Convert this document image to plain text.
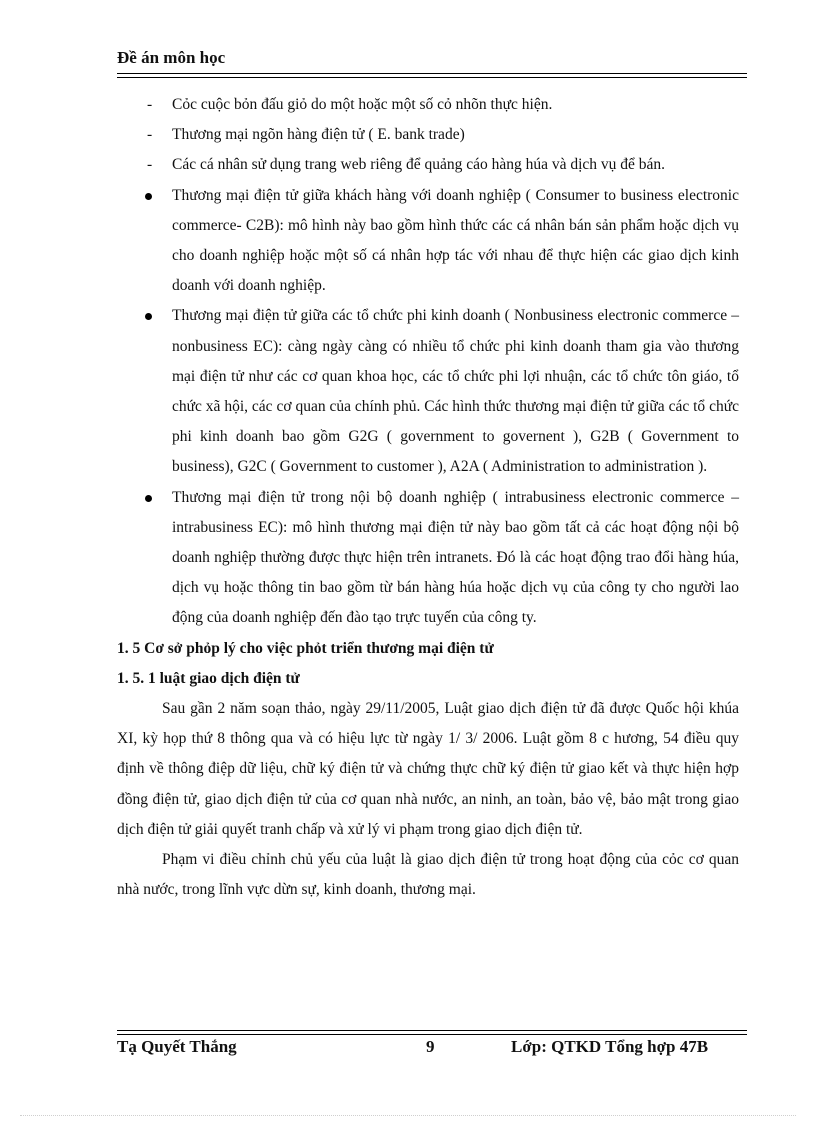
Đề án môn học
- Cỏc cuộc bỏn đấu giỏ do một hoặc một số cỏ nhõn thực hiện.
- Thương mại ngõn hàng điện tử ( E. bank trade)
- Các cá nhân sử dụng trang web riêng để quảng cáo hàng húa và dịch vụ để bán.
Thương mại điện tử giữa khách hàng với doanh nghiệp ( Consumer to business electronic commerce- C2B): mô hình này bao gồm hình thức các cá nhân bán sản phẩm hoặc dịch vụ cho doanh nghiệp hoặc một số cá nhân hợp tác với nhau để thực hiện các giao dịch kinh doanh với doanh nghiệp.
Thương mại điện tử giữa các tổ chức phi kinh doanh ( Nonbusiness electronic commerce – nonbusiness EC): càng ngày càng có nhiều tổ chức phi kinh doanh tham gia vào thương mại điện tử như các cơ quan khoa học, các tổ chức phi lợi nhuận, các tổ chức tôn giáo, tổ chức xã hội, các cơ quan của chính phủ. Các hình thức thương mại điện tử giữa các tổ chức phi kinh doanh bao gồm G2G ( government to governent ), G2B ( Government to business), G2C ( Government to customer ), A2A ( Administration to administration ).
Thương mại điện tử trong nội bộ doanh nghiệp ( intrabusiness electronic commerce – intrabusiness EC): mô hình thương mại điện tử này bao gồm tất cả các hoạt động nội bộ doanh nghiệp thường được thực hiện trên intranets. Đó là các hoạt động trao đổi hàng húa, dịch vụ hoặc thông tin bao gồm từ bán hàng húa hoặc dịch vụ của công ty cho người lao động của doanh nghiệp đến đào tạo trực tuyến của công ty.
1. 5 Cơ sở phỏp lý cho việc phỏt triển thương mại điện tử
1. 5. 1 luật giao dịch điện tử
Sau gần 2 năm soạn thảo, ngày 29/11/2005, Luật giao dịch điện tử đã được Quốc hội khúa XI, kỳ họp thứ 8 thông qua và có hiệu lực từ ngày 1/ 3/ 2006. Luật gồm 8 c hương, 54 điều quy định về thông điệp dữ liệu, chữ ký điện tử và chứng thực chữ ký điện tử giao kết và thực hiện hợp đồng điện tử, giao dịch điện tử của cơ quan nhà nước, an ninh, an toàn, bảo vệ, bảo mật trong giao dịch điện tử giải quyết tranh chấp và xử lý vi phạm trong giao dịch điện tử.
Phạm vi điều chỉnh chủ yếu của luật là giao dịch điện tử trong hoạt động của cỏc cơ quan nhà nước, trong lĩnh vực dừn sự, kinh doanh, thương mại.
Tạ Quyết Thắng	9	Lớp: QTKD Tổng hợp 47B
